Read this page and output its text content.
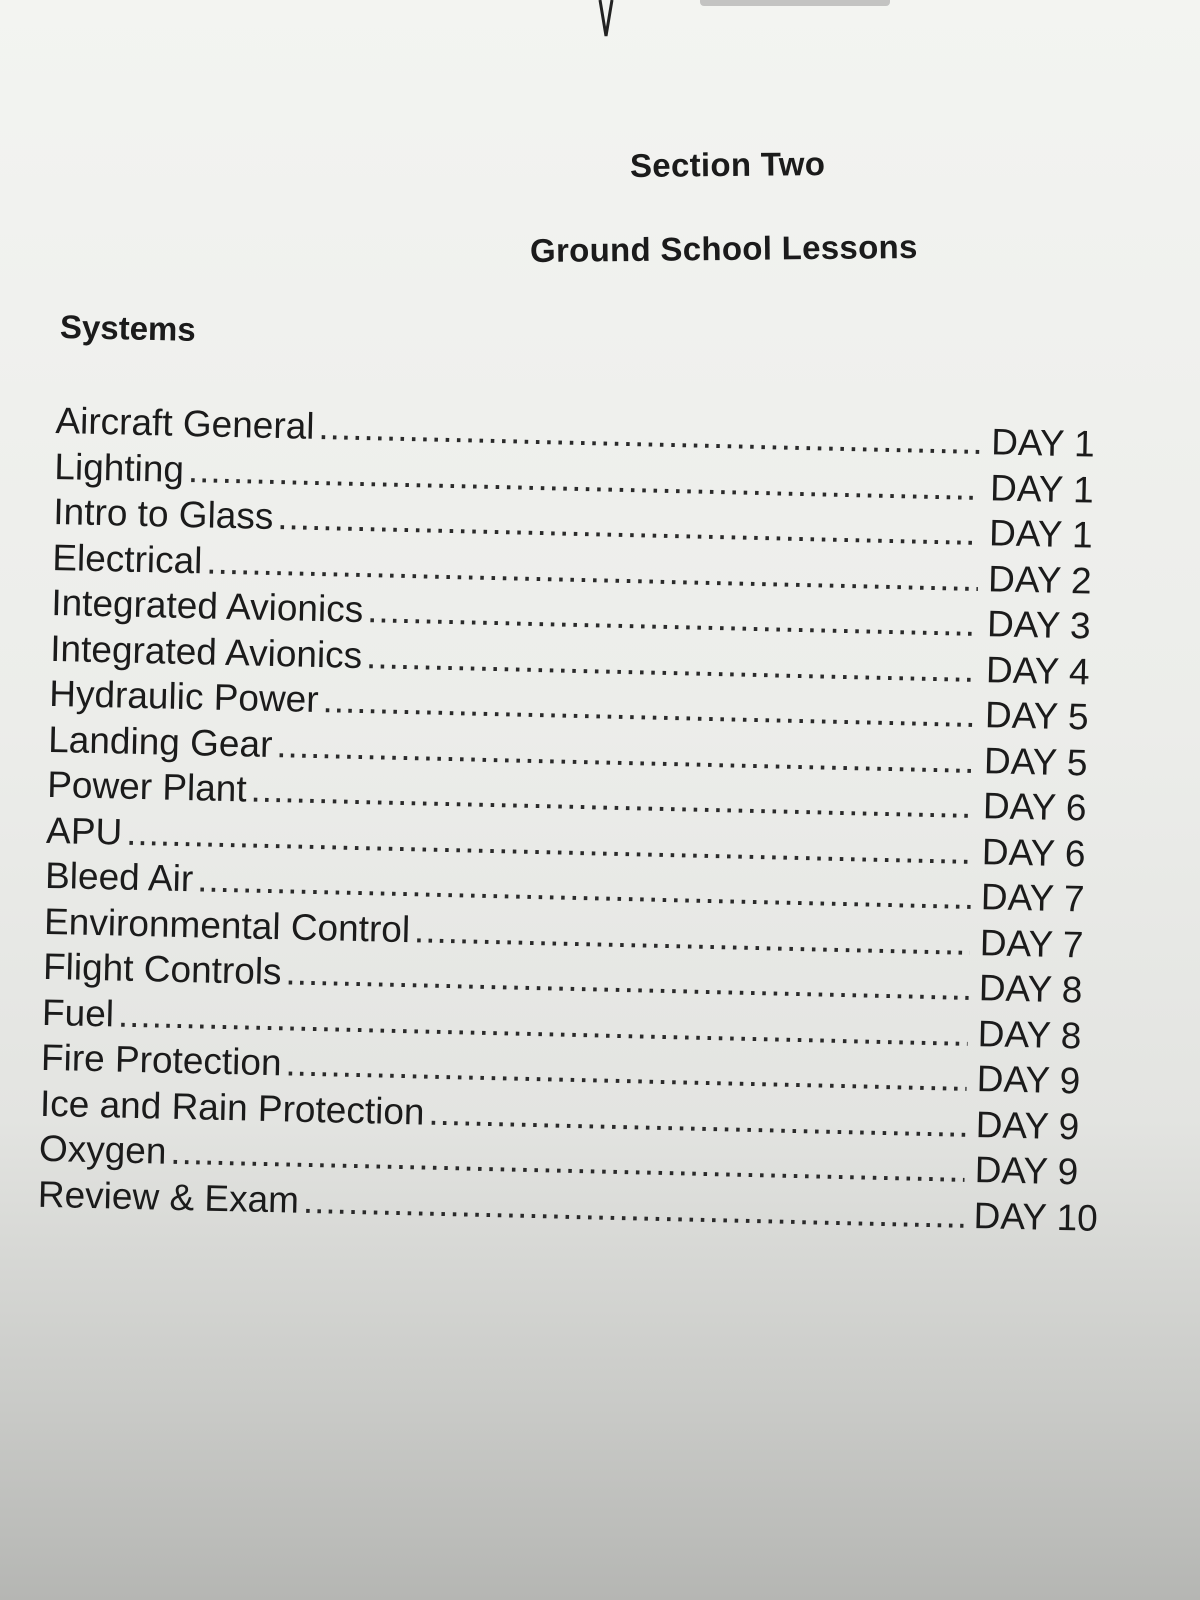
Section Two
Ground School Lessons
Systems
Aircraft General .....	DAY 1
Lighting .....	DAY 1
Intro to Glass .....	DAY 1
Electrical .....	DAY 2
Integrated Avionics .....	DAY 3
Integrated Avionics .....	DAY 4
Hydraulic Power .....	DAY 5
Landing Gear .....	DAY 5
Power Plant .....	DAY 6
APU .....	DAY 6
Bleed Air .....	DAY 7
Environmental Control .....	DAY 7
Flight Controls .....	DAY 8
Fuel .....	DAY 8
Fire Protection .....	DAY 9
Ice and Rain Protection .....	DAY 9
Oxygen .....	DAY 9
Review & Exam .....	DAY 10
